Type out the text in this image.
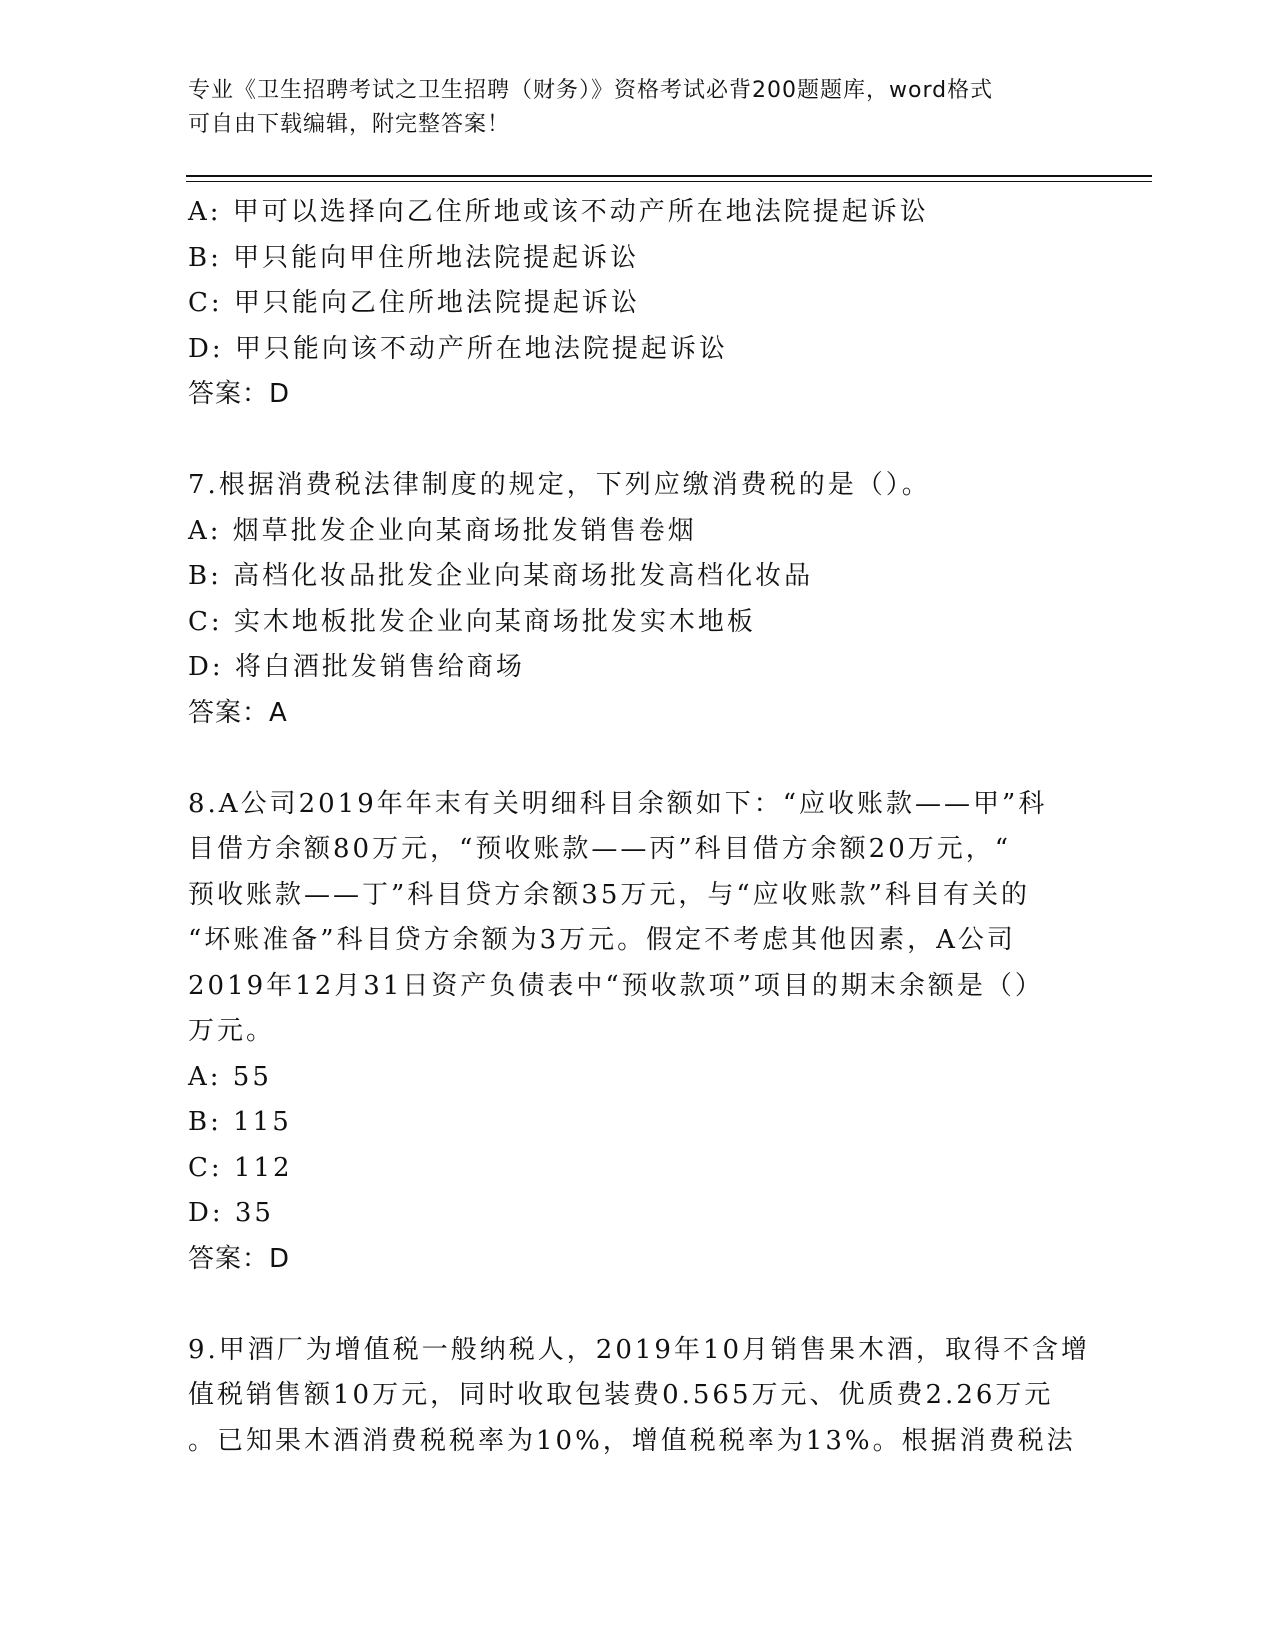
专业《卫生招聘考试之卫生招聘（财务）》资格考试必背200题题库，word格式
可自由下载编辑，附完整答案！
A: 甲可以选择向乙住所地或该不动产所在地法院提起诉讼
B: 甲只能向甲住所地法院提起诉讼
C: 甲只能向乙住所地法院提起诉讼
D: 甲只能向该不动产所在地法院提起诉讼
答案：D
7.根据消费税法律制度的规定，下列应缴消费税的是（）。
A: 烟草批发企业向某商场批发销售卷烟
B: 高档化妆品批发企业向某商场批发高档化妆品
C: 实木地板批发企业向某商场批发实木地板
D: 将白酒批发销售给商场
答案：A
8.A公司2019年年末有关明细科目余额如下：“应收账款——甲”科
目借方余额80万元，“预收账款——丙”科目借方余额20万元，“
预收账款——丁”科目贷方余额35万元，与“应收账款”科目有关的
“坏账准备”科目贷方余额为3万元。假定不考虑其他因素，A公司
2019年12月31日资产负债表中“预收款项”项目的期末余额是（）
万元。
A: 55
B: 115
C: 112
D: 35
答案：D
9.甲酒厂为增值税一般纳税人，2019年10月销售果木酒，取得不含增
值税销售额10万元，同时收取包装费0.565万元、优质费2.26万元
。已知果木酒消费税税率为10%，增值税税率为13%。根据消费税法
